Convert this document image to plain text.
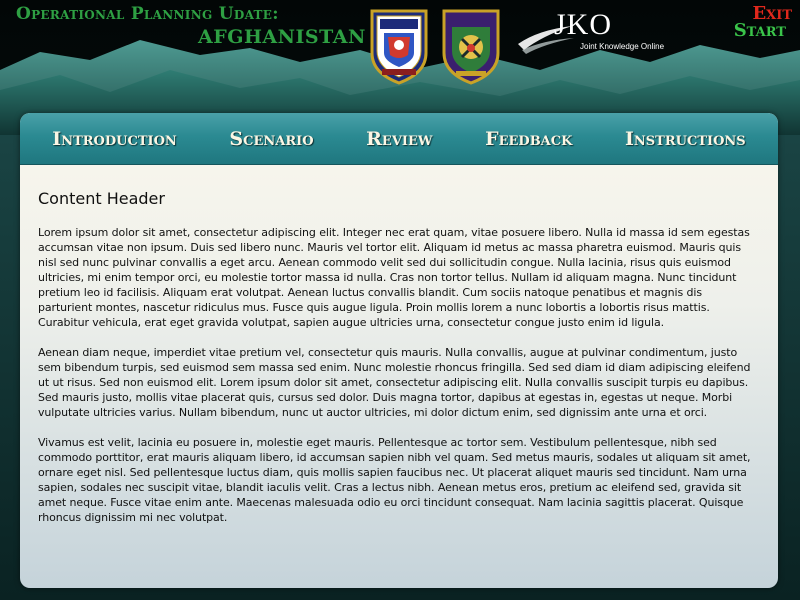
Operational Planning Udate:
AFGHANISTAN	JKO
Joint Knowledge Online
Exit
Start
Introduction	Scenario	Review	Feedback	Instructions
Content Header

Lorem ipsum dolor sit amet, consectetur adipiscing elit. Integer nec erat quam, vitae posuere libero. Nulla id massa id sem egestas accumsan vitae non ipsum. Duis sed libero nunc. Mauris vel tortor elit. Aliquam id metus ac massa pharetra euismod. Mauris quis nisl sed nunc pulvinar convallis a eget arcu. Aenean commodo velit sed dui sollicitudin congue. Nulla lacinia, risus quis euismod ultricies, mi enim tempor orci, eu molestie tortor massa id nulla. Cras non tortor tellus. Nullam id aliquam magna. Nunc tincidunt pretium leo id facilisis. Aliquam erat volutpat. Aenean luctus convallis blandit. Cum sociis natoque penatibus et magnis dis parturient montes, nascetur ridiculus mus. Fusce quis augue ligula. Proin mollis lorem a nunc lobortis a lobortis risus mattis. Curabitur vehicula, erat eget gravida volutpat, sapien augue ultricies urna, consectetur congue justo enim id ligula.

Aenean diam neque, imperdiet vitae pretium vel, consectetur quis mauris. Nulla convallis, augue at pulvinar condimentum, justo sem bibendum turpis, sed euismod sem massa sed enim. Nunc molestie rhoncus fringilla. Sed sed diam id diam adipiscing eleifend ut ut risus. Sed non euismod elit. Lorem ipsum dolor sit amet, consectetur adipiscing elit. Nulla convallis suscipit turpis eu dapibus. Sed mauris justo, mollis vitae placerat quis, cursus sed dolor. Duis magna tortor, dapibus at egestas in, egestas ut neque. Morbi vulputate ultricies varius. Nullam bibendum, nunc ut auctor ultricies, mi dolor dictum enim, sed dignissim ante urna et orci.

Vivamus est velit, lacinia eu posuere in, molestie eget mauris. Pellentesque ac tortor sem. Vestibulum pellentesque, nibh sed commodo porttitor, erat mauris aliquam libero, id accumsan sapien nibh vel quam. Sed metus mauris, sodales ut aliquam sit amet, ornare eget nisl. Sed pellentesque luctus diam, quis mollis sapien faucibus nec. Ut placerat aliquet mauris sed tincidunt. Nam urna sapien, sodales nec suscipit vitae, blandit iaculis velit. Cras a lectus nibh. Aenean metus eros, pretium ac eleifend sed, gravida sit amet neque. Fusce vitae enim ante. Maecenas malesuada odio eu orci tincidunt consequat. Nam lacinia sagittis placerat. Quisque rhoncus dignissim mi nec volutpat.
